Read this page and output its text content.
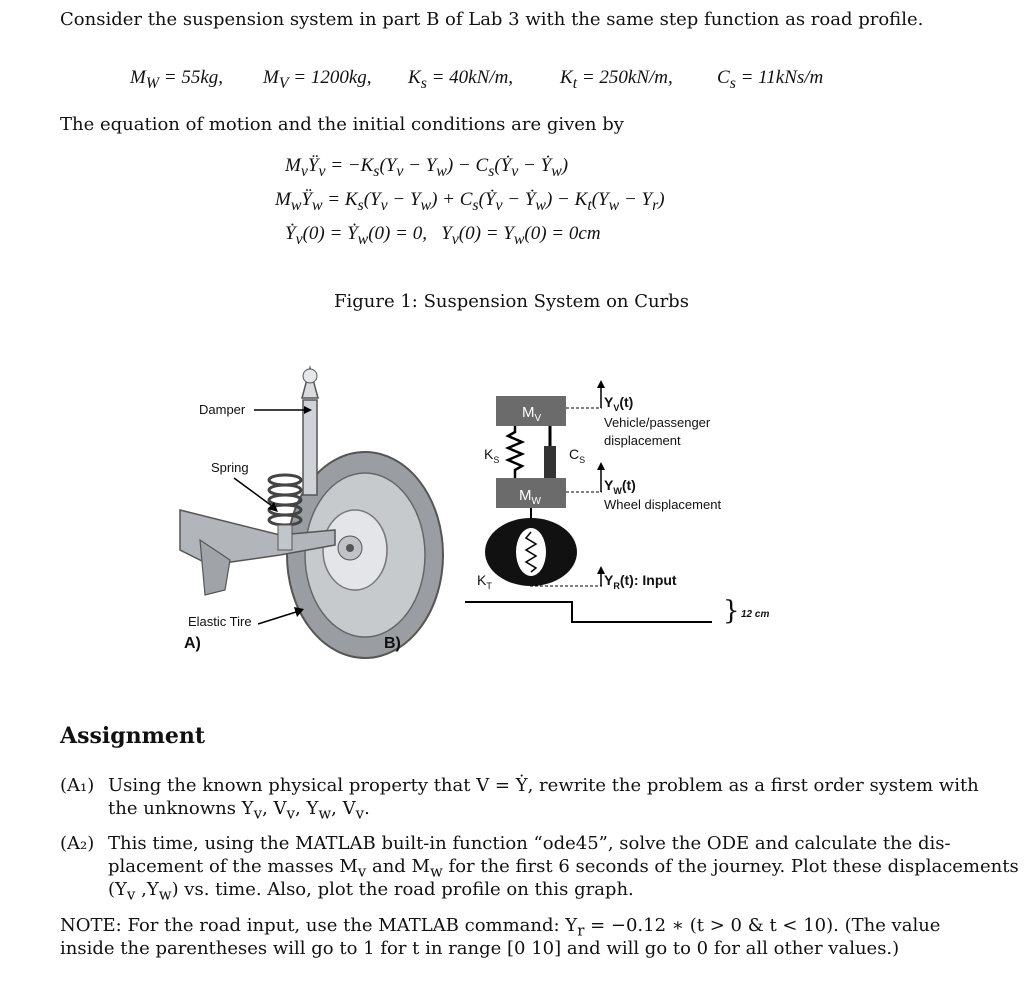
Consider the suspension system in part B of Lab 3 with the same step function as road profile.
$M_W = 55kg$, $M_V = 1200kg$, $K_s = 40kN/m$, $K_t = 250kN/m$, $C_s = 11kNs/m$
The equation of motion and the initial conditions are given by
$M_vŸ_v = -K_s(Y_v - Y_w)$ − $C_s(Ẏ_v$ − Ẏ$_w$)
$M_wŸ_w = K_s(Y_v - Y_w)$ + $C_s(Ẏ_v$ − Ẏ$_w$) − $K_t(Y_w - Y_r)$
Ẏ$_v$(0) = Ẏ$_w$(0) = 0,   $Y_v(0) = Y_w(0) = 0cm$
Figure 1: Suspension System on Curbs
Damper
Spring
Elastic Tire
A)	B)
$M_V$
$M_W$
$K_S$	$C_S$
$K_T$
$Y_V(t)$
Vehicle/passenger
displacement
$Y_W(t)$
Wheel displacement
$Y_R(t)$: Input
} 12 cm
Assignment
(A₁) Using the known physical property that V = Ẏ, rewrite the problem as a first order system with
the unknowns $Y_v$, $V_v$, $Y_w$, $V_v$.
(A₂) This time, using the MATLAB built-in function “ode45”, solve the ODE and calculate the dis-
placement of the masses $M_v$ and $M_w$ for the first 6 seconds of the journey. Plot these displacements
($Y_v$ $,Y_w$) vs. time. Also, plot the road profile on this graph.
NOTE: For the road input, use the MATLAB command: $Y_r = -0.12$ ∗ (t > 0 & t < 10). (The value
inside the parentheses will go to 1 for t in range [0 10] and will go to 0 for all other values.)
